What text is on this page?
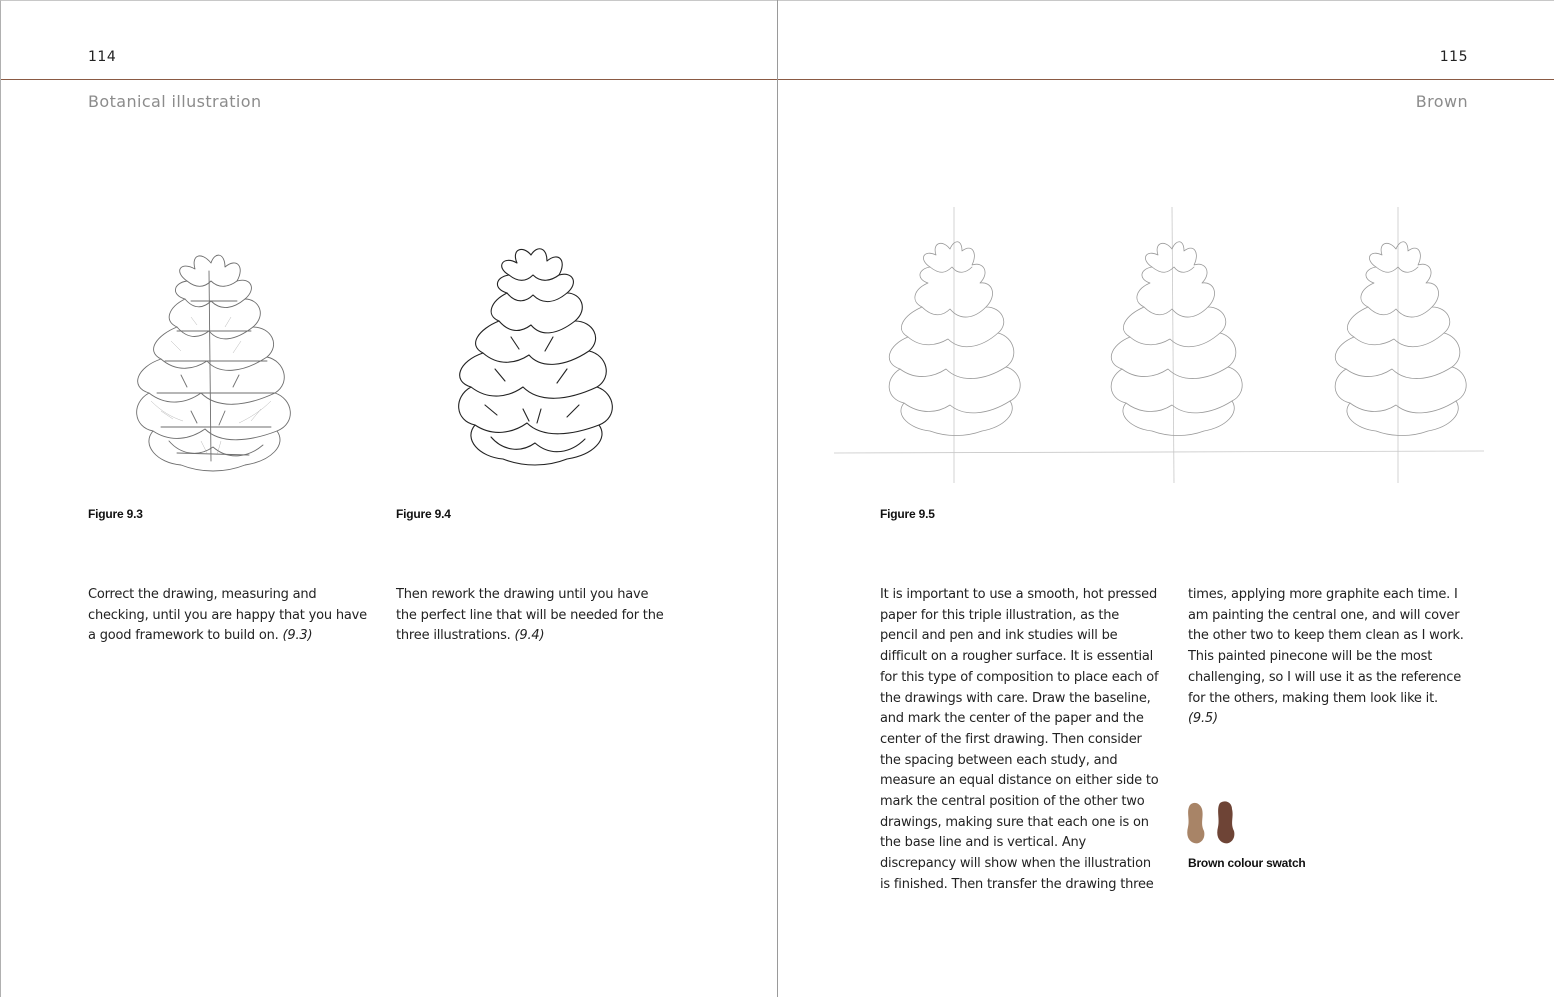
114
Botanical illustration
Figure 9.3	Figure 9.4

Correct the drawing, measuring and checking, until you are happy that you have a good framework to build on. (9.3)

Then rework the drawing until you have the perfect line that will be needed for the three illustrations. (9.4)

115
Brown
Figure 9.5

It is important to use a smooth, hot pressed paper for this triple illustration, as the pencil and pen and ink studies will be difficult on a rougher surface. It is essential for this type of composition to place each of the drawings with care. Draw the baseline, and mark the center of the paper and the center of the first drawing. Then consider the spacing between each study, and measure an equal distance on either side to mark the central position of the other two drawings, making sure that each one is on the base line and is vertical. Any discrepancy will show when the illustration is finished. Then transfer the drawing three

times, applying more graphite each time. I am painting the central one, and will cover the other two to keep them clean as I work. This painted pinecone will be the most challenging, so I will use it as the reference for the others, making them look like it. (9.5)

Brown colour swatch
